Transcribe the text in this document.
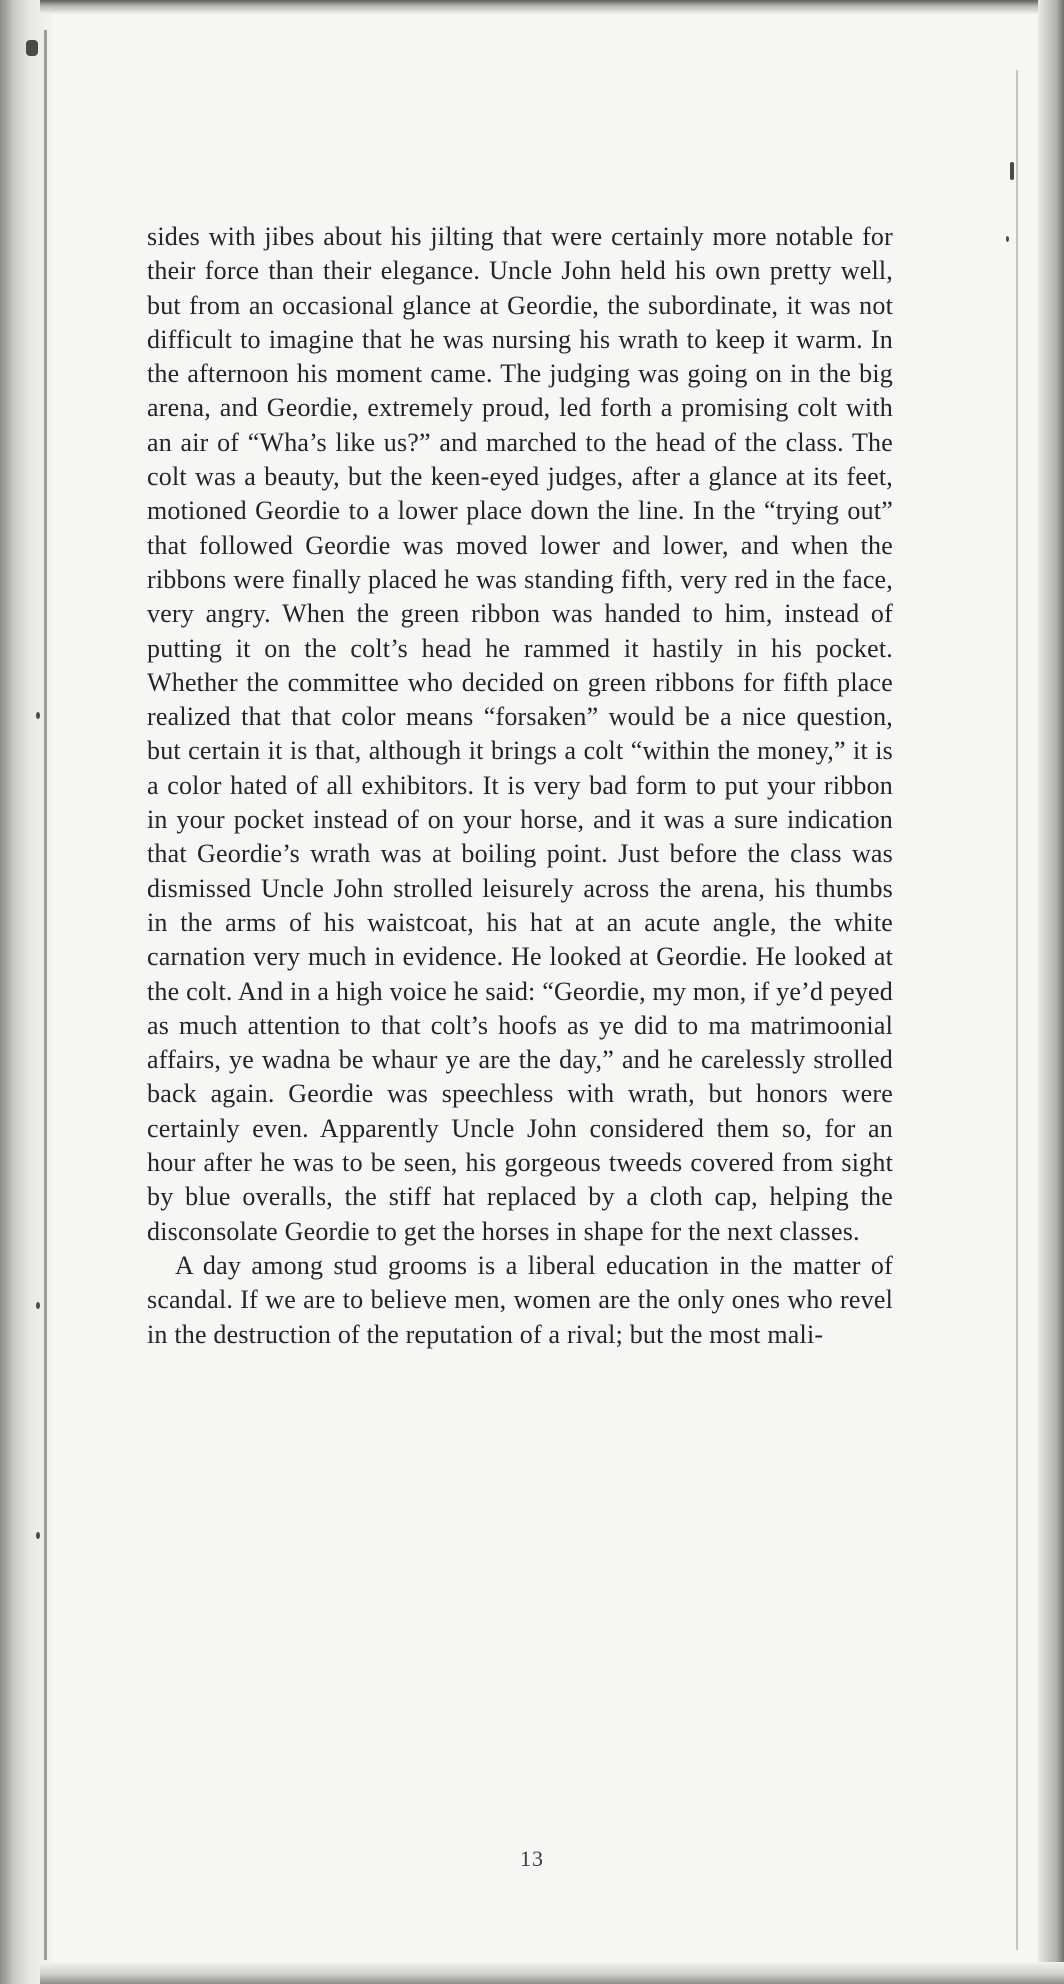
sides with jibes about his jilting that were certainly more notable for their force than their elegance. Uncle John held his own pretty well, but from an occasional glance at Geordie, the subordinate, it was not difficult to imagine that he was nursing his wrath to keep it warm. In the afternoon his moment came. The judging was going on in the big arena, and Geordie, extremely proud, led forth a promising colt with an air of “Wha’s like us?” and marched to the head of the class. The colt was a beauty, but the keen-eyed judges, after a glance at its feet, motioned Geordie to a lower place down the line. In the “trying out” that followed Geordie was moved lower and lower, and when the ribbons were finally placed he was standing fifth, very red in the face, very angry. When the green ribbon was handed to him, instead of putting it on the colt’s head he rammed it hastily in his pocket. Whether the committee who decided on green ribbons for fifth place realized that that color means “forsaken” would be a nice question, but certain it is that, although it brings a colt “within the money,” it is a color hated of all exhibitors. It is very bad form to put your ribbon in your pocket instead of on your horse, and it was a sure indication that Geordie’s wrath was at boiling point. Just before the class was dismissed Uncle John strolled leisurely across the arena, his thumbs in the arms of his waistcoat, his hat at an acute angle, the white carnation very much in evidence. He looked at Geordie. He looked at the colt. And in a high voice he said: “Geordie, my mon, if ye’d peyed as much attention to that colt’s hoofs as ye did to ma matrimoonial affairs, ye wadna be whaur ye are the day,” and he carelessly strolled back again. Geordie was speechless with wrath, but honors were certainly even. Apparently Uncle John considered them so, for an hour after he was to be seen, his gorgeous tweeds covered from sight by blue overalls, the stiff hat replaced by a cloth cap, helping the disconsolate Geordie to get the horses in shape for the next classes.

A day among stud grooms is a liberal education in the matter of scandal. If we are to believe men, women are the only ones who revel in the destruction of the reputation of a rival; but the most mali-

13
